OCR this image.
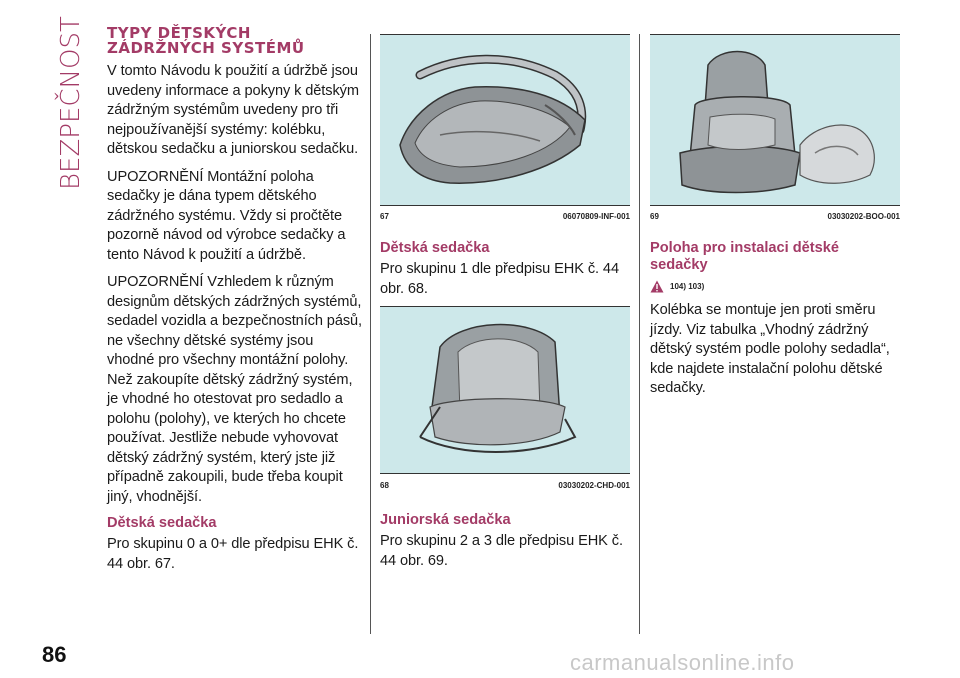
BEZPEČNOST TYPY DĚTSKÝCH
ZÁDRŽNÝCH SYSTÉMŮ

V tomto Návodu k použití a údržbě jsou uvedeny informace a pokyny k dětským zádržným systémům uvedeny pro tři nejpoužívanější systémy: kolébku, dětskou sedačku a juniorskou sedačku.

UPOZORNĚNÍ Montážní poloha sedačky je dána typem dětského zádržného systému. Vždy si pročtěte pozorně návod od výrobce sedačky a tento Návod k použití a údržbě.

UPOZORNĚNÍ Vzhledem k různým designům dětských zádržných systémů, sedadel vozidla a bezpečnostních pásů, ne všechny dětské systémy jsou vhodné pro všechny montážní polohy. Než zakoupíte dětský zádržný systém, je vhodné ho otestovat pro sedadlo a polohu (polohy), ve kterých ho chcete používat. Jestliže nebude vyhovovat dětský zádržný systém, který jste již případně zakoupili, bude třeba koupit jiný, vhodnější.

Dětská sedačka

Pro skupinu 0 a 0+ dle předpisu EHK č. 44 obr. 67.

67	06070809-INF-001
Dětská sedačka

Pro skupinu 1 dle předpisu EHK č. 44 obr. 68.

68	03030202-CHD-001
Juniorská sedačka

Pro skupinu 2 a 3 dle předpisu EHK č. 44 obr. 69.

69	03030202-BOO-001
Poloha pro instalaci dětské sedačky
104) 103)

Kolébka se montuje jen proti směru jízdy. Viz tabulka „Vhodný zádržný dětský systém podle polohy sedadla“, kde najdete instalační polohu dětské sedačky.

86	carmanualsonline.info
